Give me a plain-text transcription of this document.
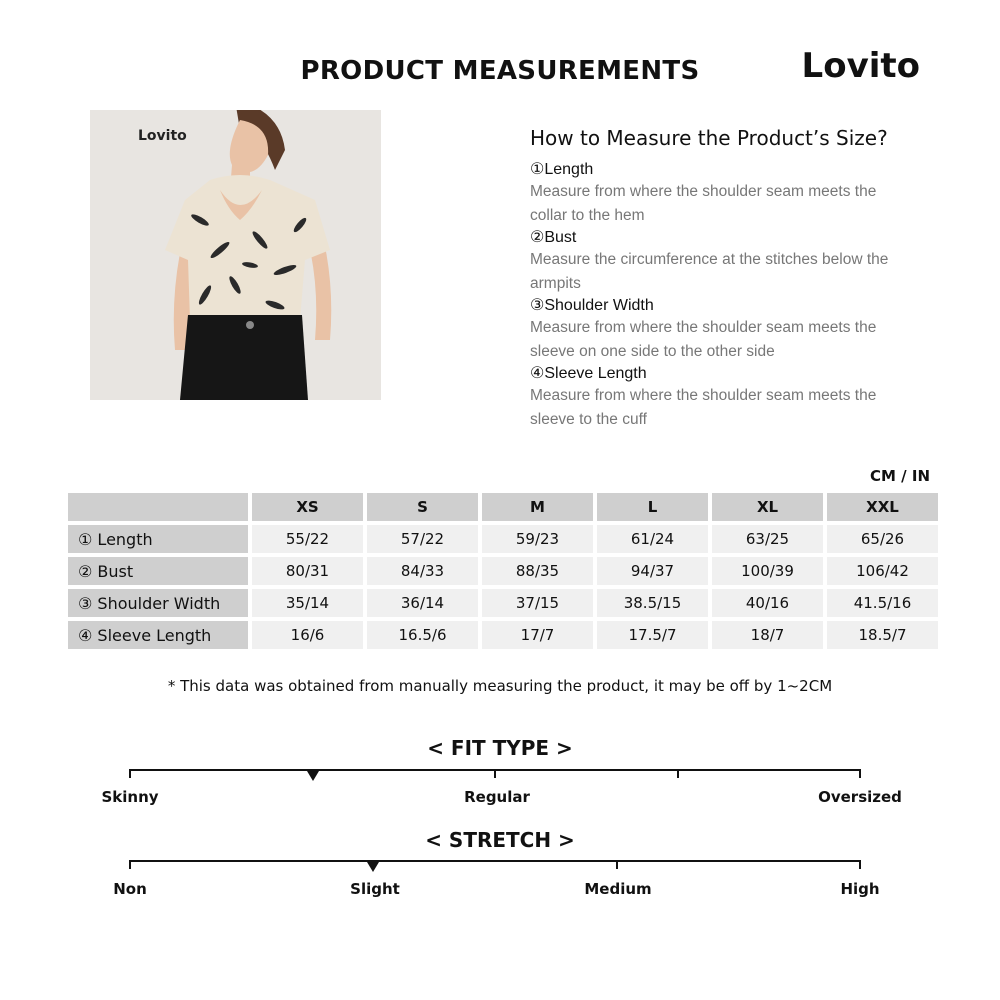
PRODUCT MEASUREMENTS	Lovito
Lovito	How to Measure the Product’s Size?
①Length
Measure from where the shoulder seam meets the collar to the hem
②Bust
Measure the circumference at the stitches below the armpits
③Shoulder Width
Measure from where the shoulder seam meets the sleeve on one side to the other side
④Sleeve Length
Measure from where the shoulder seam meets the sleeve to the cuff
CM / IN
	XS	S	M	L	XL	XXL
① Length	55/22	57/22	59/23	61/24	63/25	65/26
② Bust	80/31	84/33	88/35	94/37	100/39	106/42
③ Shoulder Width	35/14	36/14	37/15	38.5/15	40/16	41.5/16
④ Sleeve Length	16/6	16.5/6	17/7	17.5/7	18/7	18.5/7
* This data was obtained from manually measuring the product, it may be off by 1~2CM
< FIT TYPE >
Skinny	Regular	Oversized
< STRETCH >
Non	Slight	Medium	High
